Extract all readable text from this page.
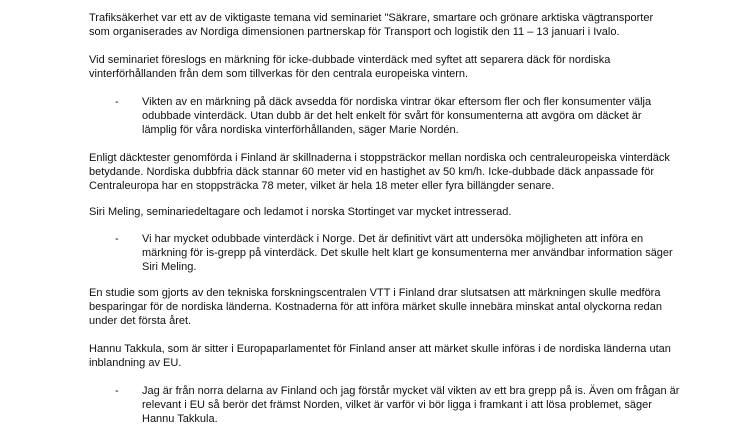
Trafiksäkerhet var ett av de viktigaste temana vid seminariet "Säkrare, smartare och grönare arktiska vägtransporter
som organiserades av Nordiga dimensionen partnerskap för Transport och logistik den 11 – 13 januari i Ivalo.
Vid seminariet föreslogs en märkning för icke-dubbade vinterdäck med syftet att separera däck för nordiska
vinterförhållanden från dem som tillverkas för den centrala europeiska vintern.
- Vikten av en märkning på däck avsedda för nordiska vintrar ökar eftersom fler och fler konsumenter välja
odubbade vinterdäck. Utan dubb är det helt enkelt för svårt för konsumenterna att avgöra om däcket är
lämplig för våra nordiska vinterförhållanden, säger Marie Nordén.
Enligt däcktester genomförda i Finland är skillnaderna i stoppsträckor mellan nordiska och centraleuropeiska vinterdäck
betydande. Nordiska dubbfria däck stannar 60 meter vid en hastighet av 50 km/h. Icke-dubbade däck anpassade för
Centraleuropa har en stoppsträcka 78 meter, vilket är hela 18 meter eller fyra billängder senare.
Siri Meling, seminariedeltagare och ledamot i norska Stortinget var mycket intresserad.
- Vi har mycket odubbade vinterdäck i Norge. Det är definitivt värt att undersöka möjligheten att införa en
märkning för is-grepp på vinterdäck. Det skulle helt klart ge konsumenterna mer användbar information säger
Siri Meling.
En studie som gjorts av den tekniska forskningscentralen VTT i Finland drar slutsatsen att märkningen skulle medföra
besparingar för de nordiska länderna. Kostnaderna för att införa märket skulle innebära minskat antal olyckorna redan
under det första året.
Hannu Takkula, som är sitter i Europaparlamentet för Finland anser att märket skulle införas i de nordiska länderna utan
inblandning av EU.
- Jag är från norra delarna av Finland och jag förstår mycket väl vikten av ett bra grepp på is. Även om frågan är
relevant i EU så berör det främst Norden, vilket är varför vi bör ligga i framkant i att lösa problemet, säger
Hannu Takkula.
